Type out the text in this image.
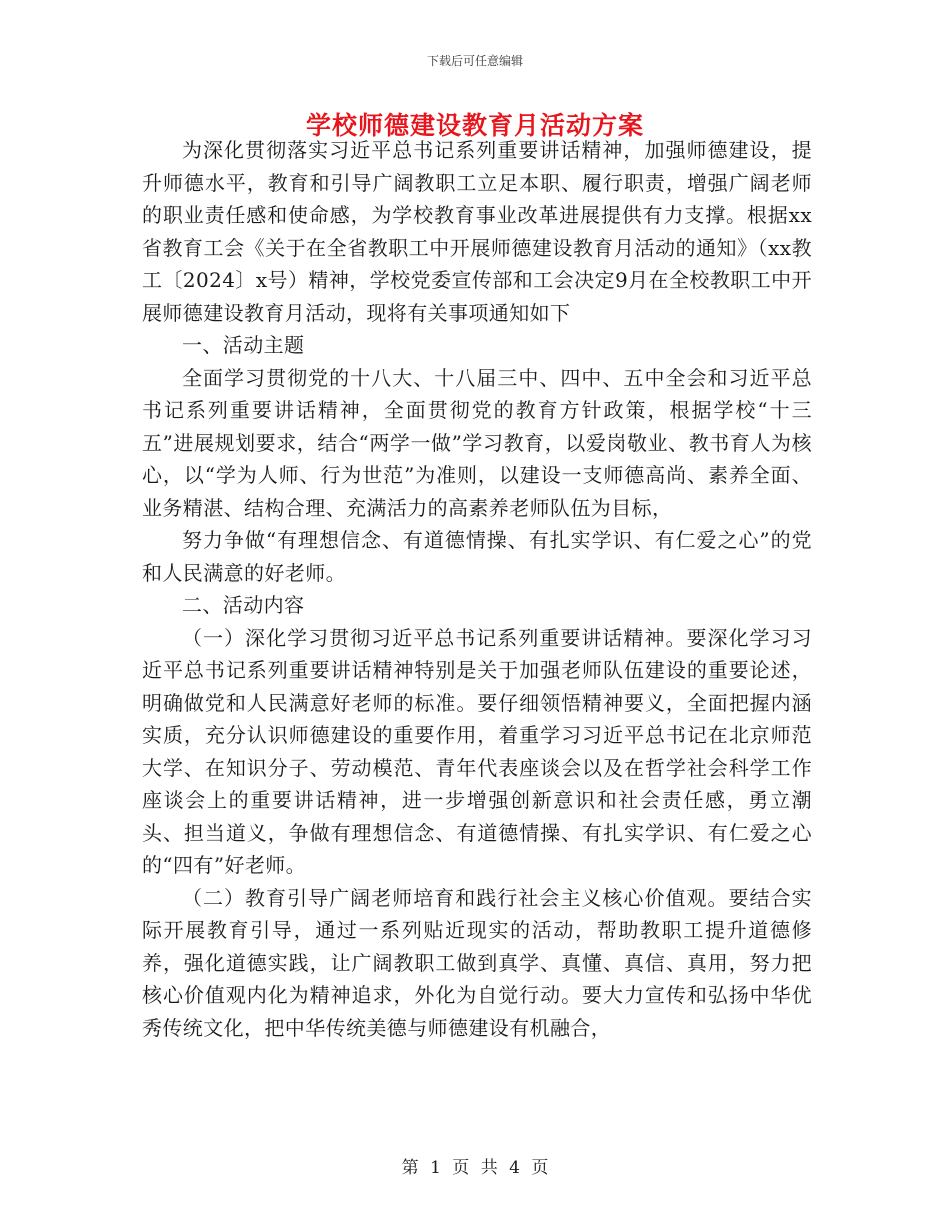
下载后可任意编辑
学校师德建设教育月活动方案

为深化贯彻落实习近平总书记系列重要讲话精神，加强师德建设，提升师德水平，教育和引导广阔教职工立足本职、履行职责，增强广阔老师的职业责任感和使命感，为学校教育事业改革进展提供有力支撑。根据xx省教育工会《关于在全省教职工中开展师德建设教育月活动的通知》（xx教工〔2024〕x号）精神，学校党委宣传部和工会决定9月在全校教职工中开展师德建设教育月活动，现将有关事项通知如下

一、活动主题

全面学习贯彻党的十八大、十八届三中、四中、五中全会和习近平总书记系列重要讲话精神，全面贯彻党的教育方针政策，根据学校“十三五”进展规划要求，结合“两学一做”学习教育，以爱岗敬业、教书育人为核心，以“学为人师、行为世范”为准则，以建设一支师德高尚、素养全面、业务精湛、结构合理、充满活力的高素养老师队伍为目标，

努力争做“有理想信念、有道德情操、有扎实学识、有仁爱之心”的党和人民满意的好老师。

二、活动内容

（一）深化学习贯彻习近平总书记系列重要讲话精神。要深化学习习近平总书记系列重要讲话精神特别是关于加强老师队伍建设的重要论述，明确做党和人民满意好老师的标准。要仔细领悟精神要义，全面把握内涵实质，充分认识师德建设的重要作用，着重学习习近平总书记在北京师范大学、在知识分子、劳动模范、青年代表座谈会以及在哲学社会科学工作座谈会上的重要讲话精神，进一步增强创新意识和社会责任感，勇立潮头、担当道义，争做有理想信念、有道德情操、有扎实学识、有仁爱之心的“四有”好老师。

（二）教育引导广阔老师培育和践行社会主义核心价值观。要结合实际开展教育引导，通过一系列贴近现实的活动，帮助教职工提升道德修养，强化道德实践，让广阔教职工做到真学、真懂、真信、真用，努力把核心价值观内化为精神追求，外化为自觉行动。要大力宣传和弘扬中华优秀传统文化，把中华传统美德与师德建设有机融合，

第 1 页 共 4 页
